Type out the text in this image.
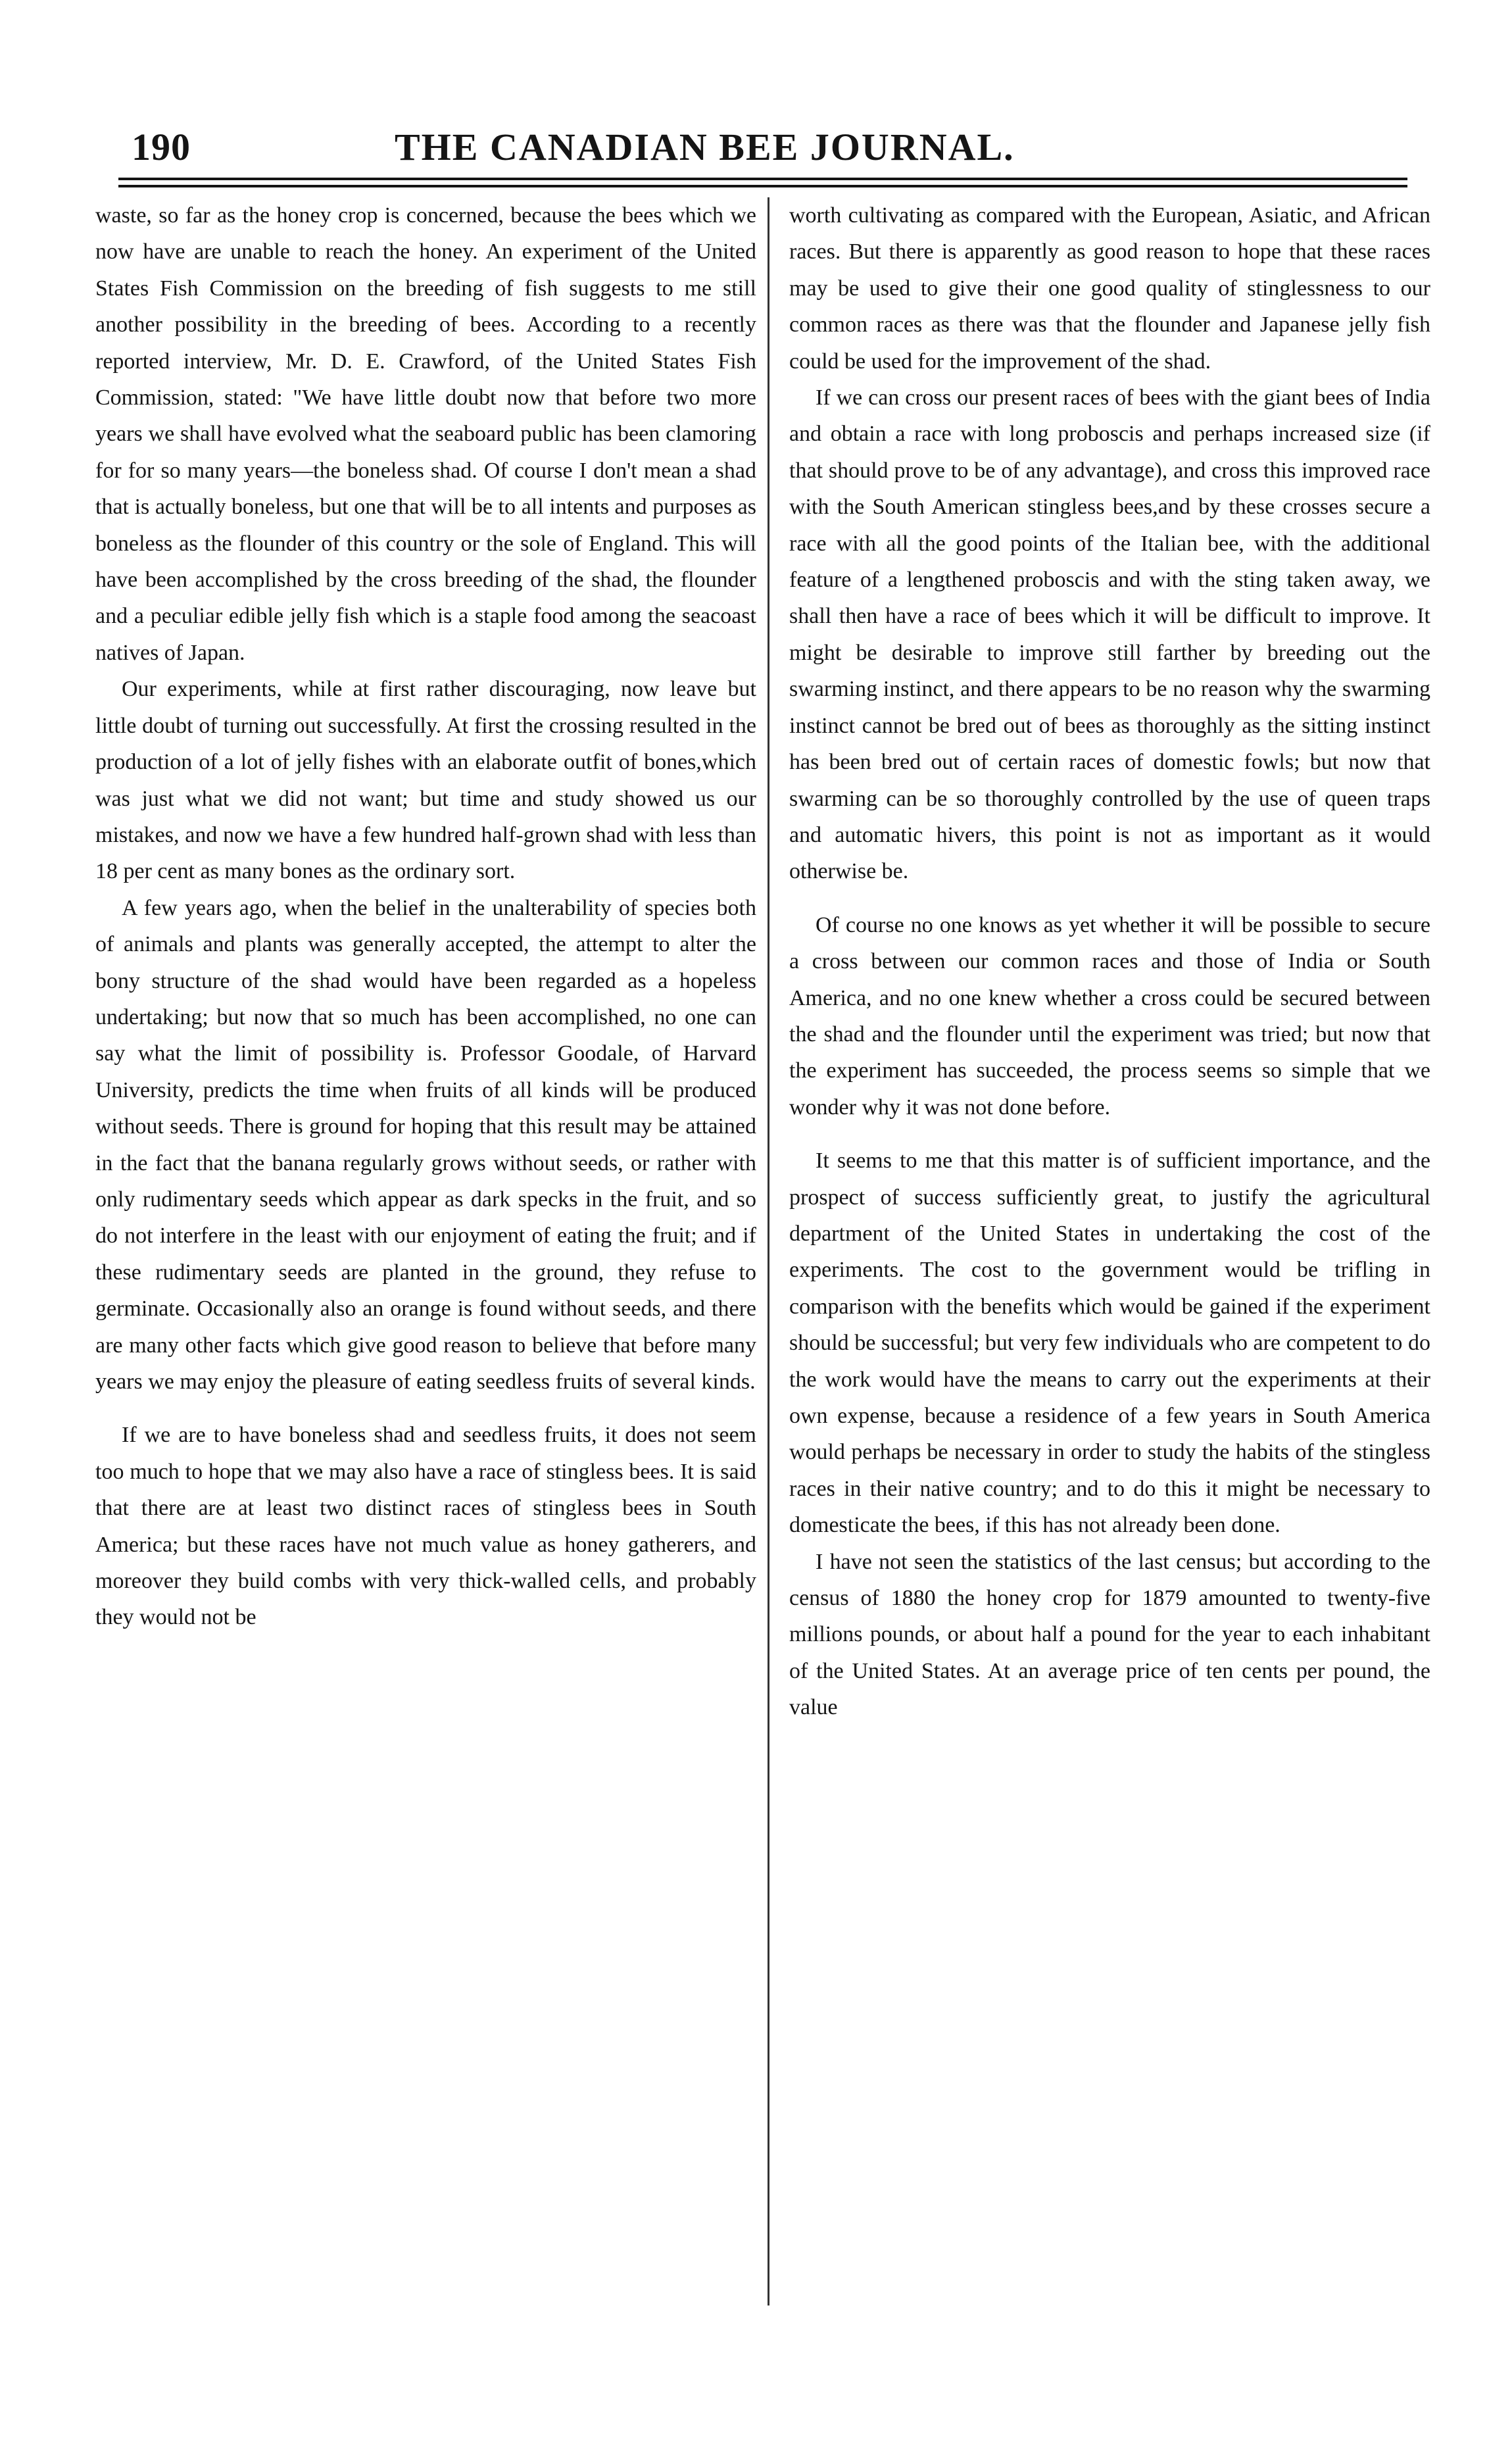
190	THE CANADIAN BEE JOURNAL.

waste, so far as the honey crop is concerned, because the bees which we now have are unable to reach the honey. An experiment of the United States Fish Commission on the breeding of fish suggests to me still another possibility in the breeding of bees. According to a recently reported interview, Mr. D. E. Crawford, of the United States Fish Commission, stated: "We have little doubt now that before two more years we shall have evolved what the seaboard public has been clamoring for for so many years—the boneless shad. Of course I don't mean a shad that is actually boneless, but one that will be to all intents and purposes as boneless as the flounder of this country or the sole of England. This will have been accomplished by the cross breeding of the shad, the flounder and a peculiar edible jelly fish which is a staple food among the seacoast natives of Japan.

Our experiments, while at first rather discouraging, now leave but little doubt of turning out successfully. At first the crossing resulted in the production of a lot of jelly fishes with an elaborate outfit of bones,which was just what we did not want; but time and study showed us our mistakes, and now we have a few hundred half-grown shad with less than 18 per cent as many bones as the ordinary sort.

A few years ago, when the belief in the unalterability of species both of animals and plants was generally accepted, the attempt to alter the bony structure of the shad would have been regarded as a hopeless undertaking; but now that so much has been accomplished, no one can say what the limit of possibility is. Professor Goodale, of Harvard University, predicts the time when fruits of all kinds will be produced without seeds. There is ground for hoping that this result may be attained in the fact that the banana regularly grows without seeds, or rather with only rudimentary seeds which appear as dark specks in the fruit, and so do not interfere in the least with our enjoyment of eating the fruit; and if these rudimentary seeds are planted in the ground, they refuse to germinate. Occasionally also an orange is found without seeds, and there are many other facts which give good reason to believe that before many years we may enjoy the pleasure of eating seedless fruits of several kinds.

If we are to have boneless shad and seedless fruits, it does not seem too much to hope that we may also have a race of stingless bees. It is said that there are at least two distinct races of stingless bees in South America; but these races have not much value as honey gatherers, and moreover they build combs with very thick-walled cells, and probably they would not be

worth cultivating as compared with the European, Asiatic, and African races. But there is apparently as good reason to hope that these races may be used to give their one good quality of stinglessness to our common races as there was that the flounder and Japanese jelly fish could be used for the improvement of the shad.

If we can cross our present races of bees with the giant bees of India and obtain a race with long proboscis and perhaps increased size (if that should prove to be of any advantage), and cross this improved race with the South American stingless bees,and by these crosses secure a race with all the good points of the Italian bee, with the additional feature of a lengthened proboscis and with the sting taken away, we shall then have a race of bees which it will be difficult to improve. It might be desirable to improve still farther by breeding out the swarming instinct, and there appears to be no reason why the swarming instinct cannot be bred out of bees as thoroughly as the sitting instinct has been bred out of certain races of domestic fowls; but now that swarming can be so thoroughly controlled by the use of queen traps and automatic hivers, this point is not as important as it would otherwise be.

Of course no one knows as yet whether it will be possible to secure a cross between our common races and those of India or South America, and no one knew whether a cross could be secured between the shad and the flounder until the experiment was tried; but now that the experiment has succeeded, the process seems so simple that we wonder why it was not done before.

It seems to me that this matter is of sufficient importance, and the prospect of success sufficiently great, to justify the agricultural department of the United States in undertaking the cost of the experiments. The cost to the government would be trifling in comparison with the benefits which would be gained if the experiment should be successful; but very few individuals who are competent to do the work would have the means to carry out the experiments at their own expense, because a residence of a few years in South America would perhaps be necessary in order to study the habits of the stingless races in their native country; and to do this it might be necessary to domesticate the bees, if this has not already been done.

I have not seen the statistics of the last census; but according to the census of 1880 the honey crop for 1879 amounted to twenty-five millions pounds, or about half a pound for the year to each inhabitant of the United States. At an average price of ten cents per pound, the value
